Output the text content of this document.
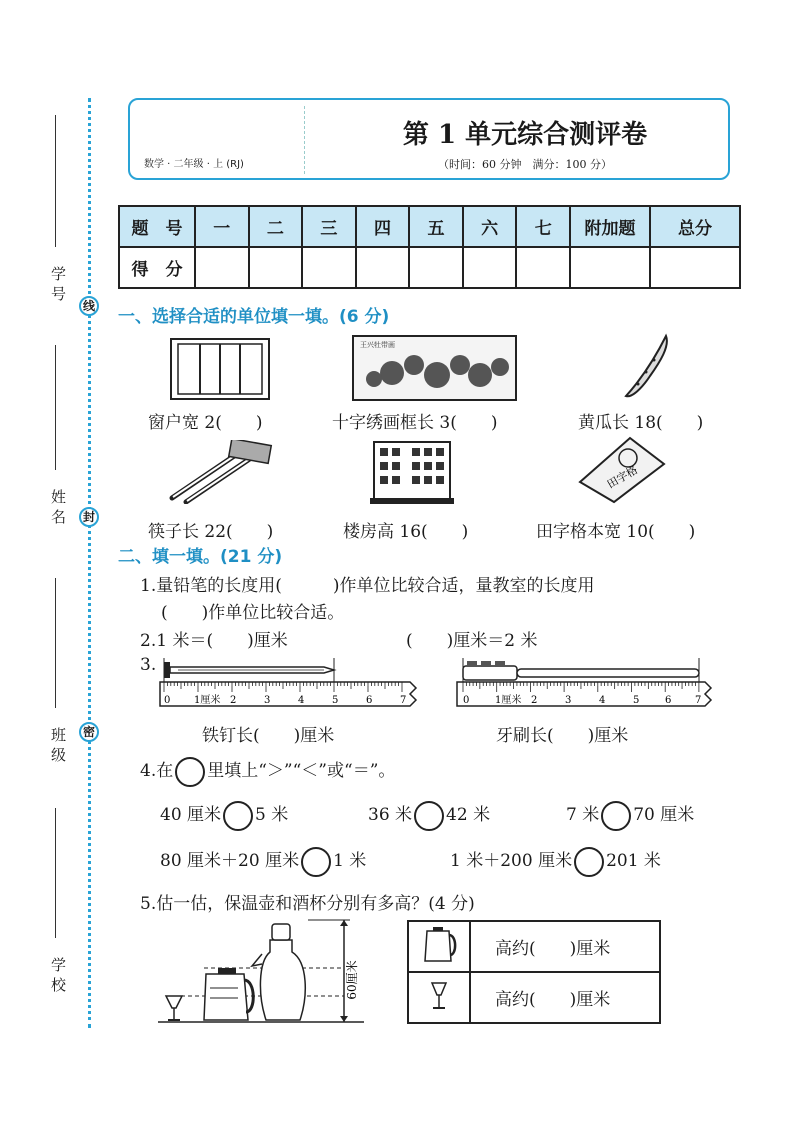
线
封
密
学 号
姓 名
班 级
学 校
数学 · 二年级 · 上 (RJ)
第 1 单元综合测评卷
（时间：60 分钟　满分：100 分）
题　号	一	二	三	四	五	六	七	附加题	总分
得　分									
一、选择合适的单位填一填。(6 分)
王兴牡带画
窗户宽 2(　　)	十字绣画框长 3(　　)	黄瓜长 18(　　)
田字格
筷子长 22(　　)	楼房高 16(　　)	田字格本宽 10(　　)
二、填一填。(21 分)
1.量铅笔的长度用(　　　)作单位比较合适，量教室的长度用
(　　)作单位比较合适。
2.1 米＝(　　)厘米	(　　)厘米＝2 米
3.
0 1厘米 2	3	4	5	6	7	0	1厘米 2	3	4	5	6 7
铁钉长(　　)厘米	牙刷长(　　)厘米
4.在 里填上“＞”“＜”或“＝”。
40 厘米 5 米	36 米 42 米	7 米 70 厘米
80 厘米＋20 厘米 1 米	1 米＋200 厘米 201 米
5.估一估，保温壶和酒杯分别有多高？(4 分)
60厘米
	高约(　　)厘米
	高约(　　)厘米
